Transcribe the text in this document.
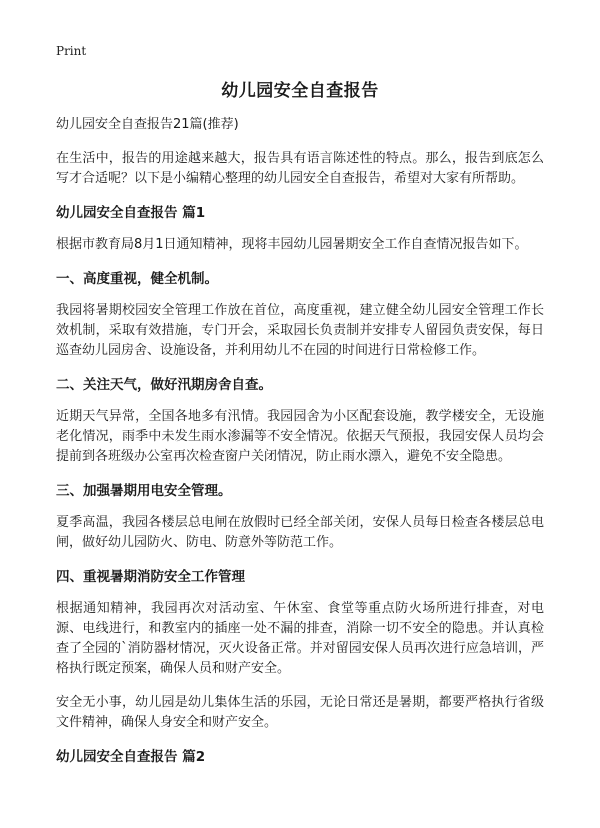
Print
幼儿园安全自查报告
幼儿园安全自查报告21篇(推荐)

在生活中，报告的用途越来越大，报告具有语言陈述性的特点。那么，报告到底怎么写才合适呢？以下是小编精心整理的幼儿园安全自查报告，希望对大家有所帮助。

幼儿园安全自查报告 篇1

根据市教育局8月1日通知精神，现将丰园幼儿园暑期安全工作自查情况报告如下。

一、高度重视，健全机制。

我园将暑期校园安全管理工作放在首位，高度重视，建立健全幼儿园安全管理工作长效机制，采取有效措施，专门开会，采取园长负责制并安排专人留园负责安保，每日巡查幼儿园房舍、设施设备，并利用幼儿不在园的时间进行日常检修工作。

二、关注天气，做好汛期房舍自查。

近期天气异常，全国各地多有汛情。我园园舍为小区配套设施，教学楼安全，无设施老化情况，雨季中未发生雨水渗漏等不安全情况。依据天气预报，我园安保人员均会提前到各班级办公室再次检查窗户关闭情况，防止雨水漂入，避免不安全隐患。

三、加强暑期用电安全管理。

夏季高温，我园各楼层总电闸在放假时已经全部关闭，安保人员每日检查各楼层总电闸，做好幼儿园防火、防电、防意外等防范工作。

四、重视暑期消防安全工作管理

根据通知精神，我园再次对活动室、午休室、食堂等重点防火场所进行排查，对电源、电线进行，和教室内的插座一处不漏的排查，消除一切不安全的隐患。并认真检查了全园的`消防器材情况，灭火设备正常。并对留园安保人员再次进行应急培训，严格执行既定预案，确保人员和财产安全。

安全无小事，幼儿园是幼儿集体生活的乐园，无论日常还是暑期，都要严格执行省级文件精神，确保人身安全和财产安全。

幼儿园安全自查报告 篇2
